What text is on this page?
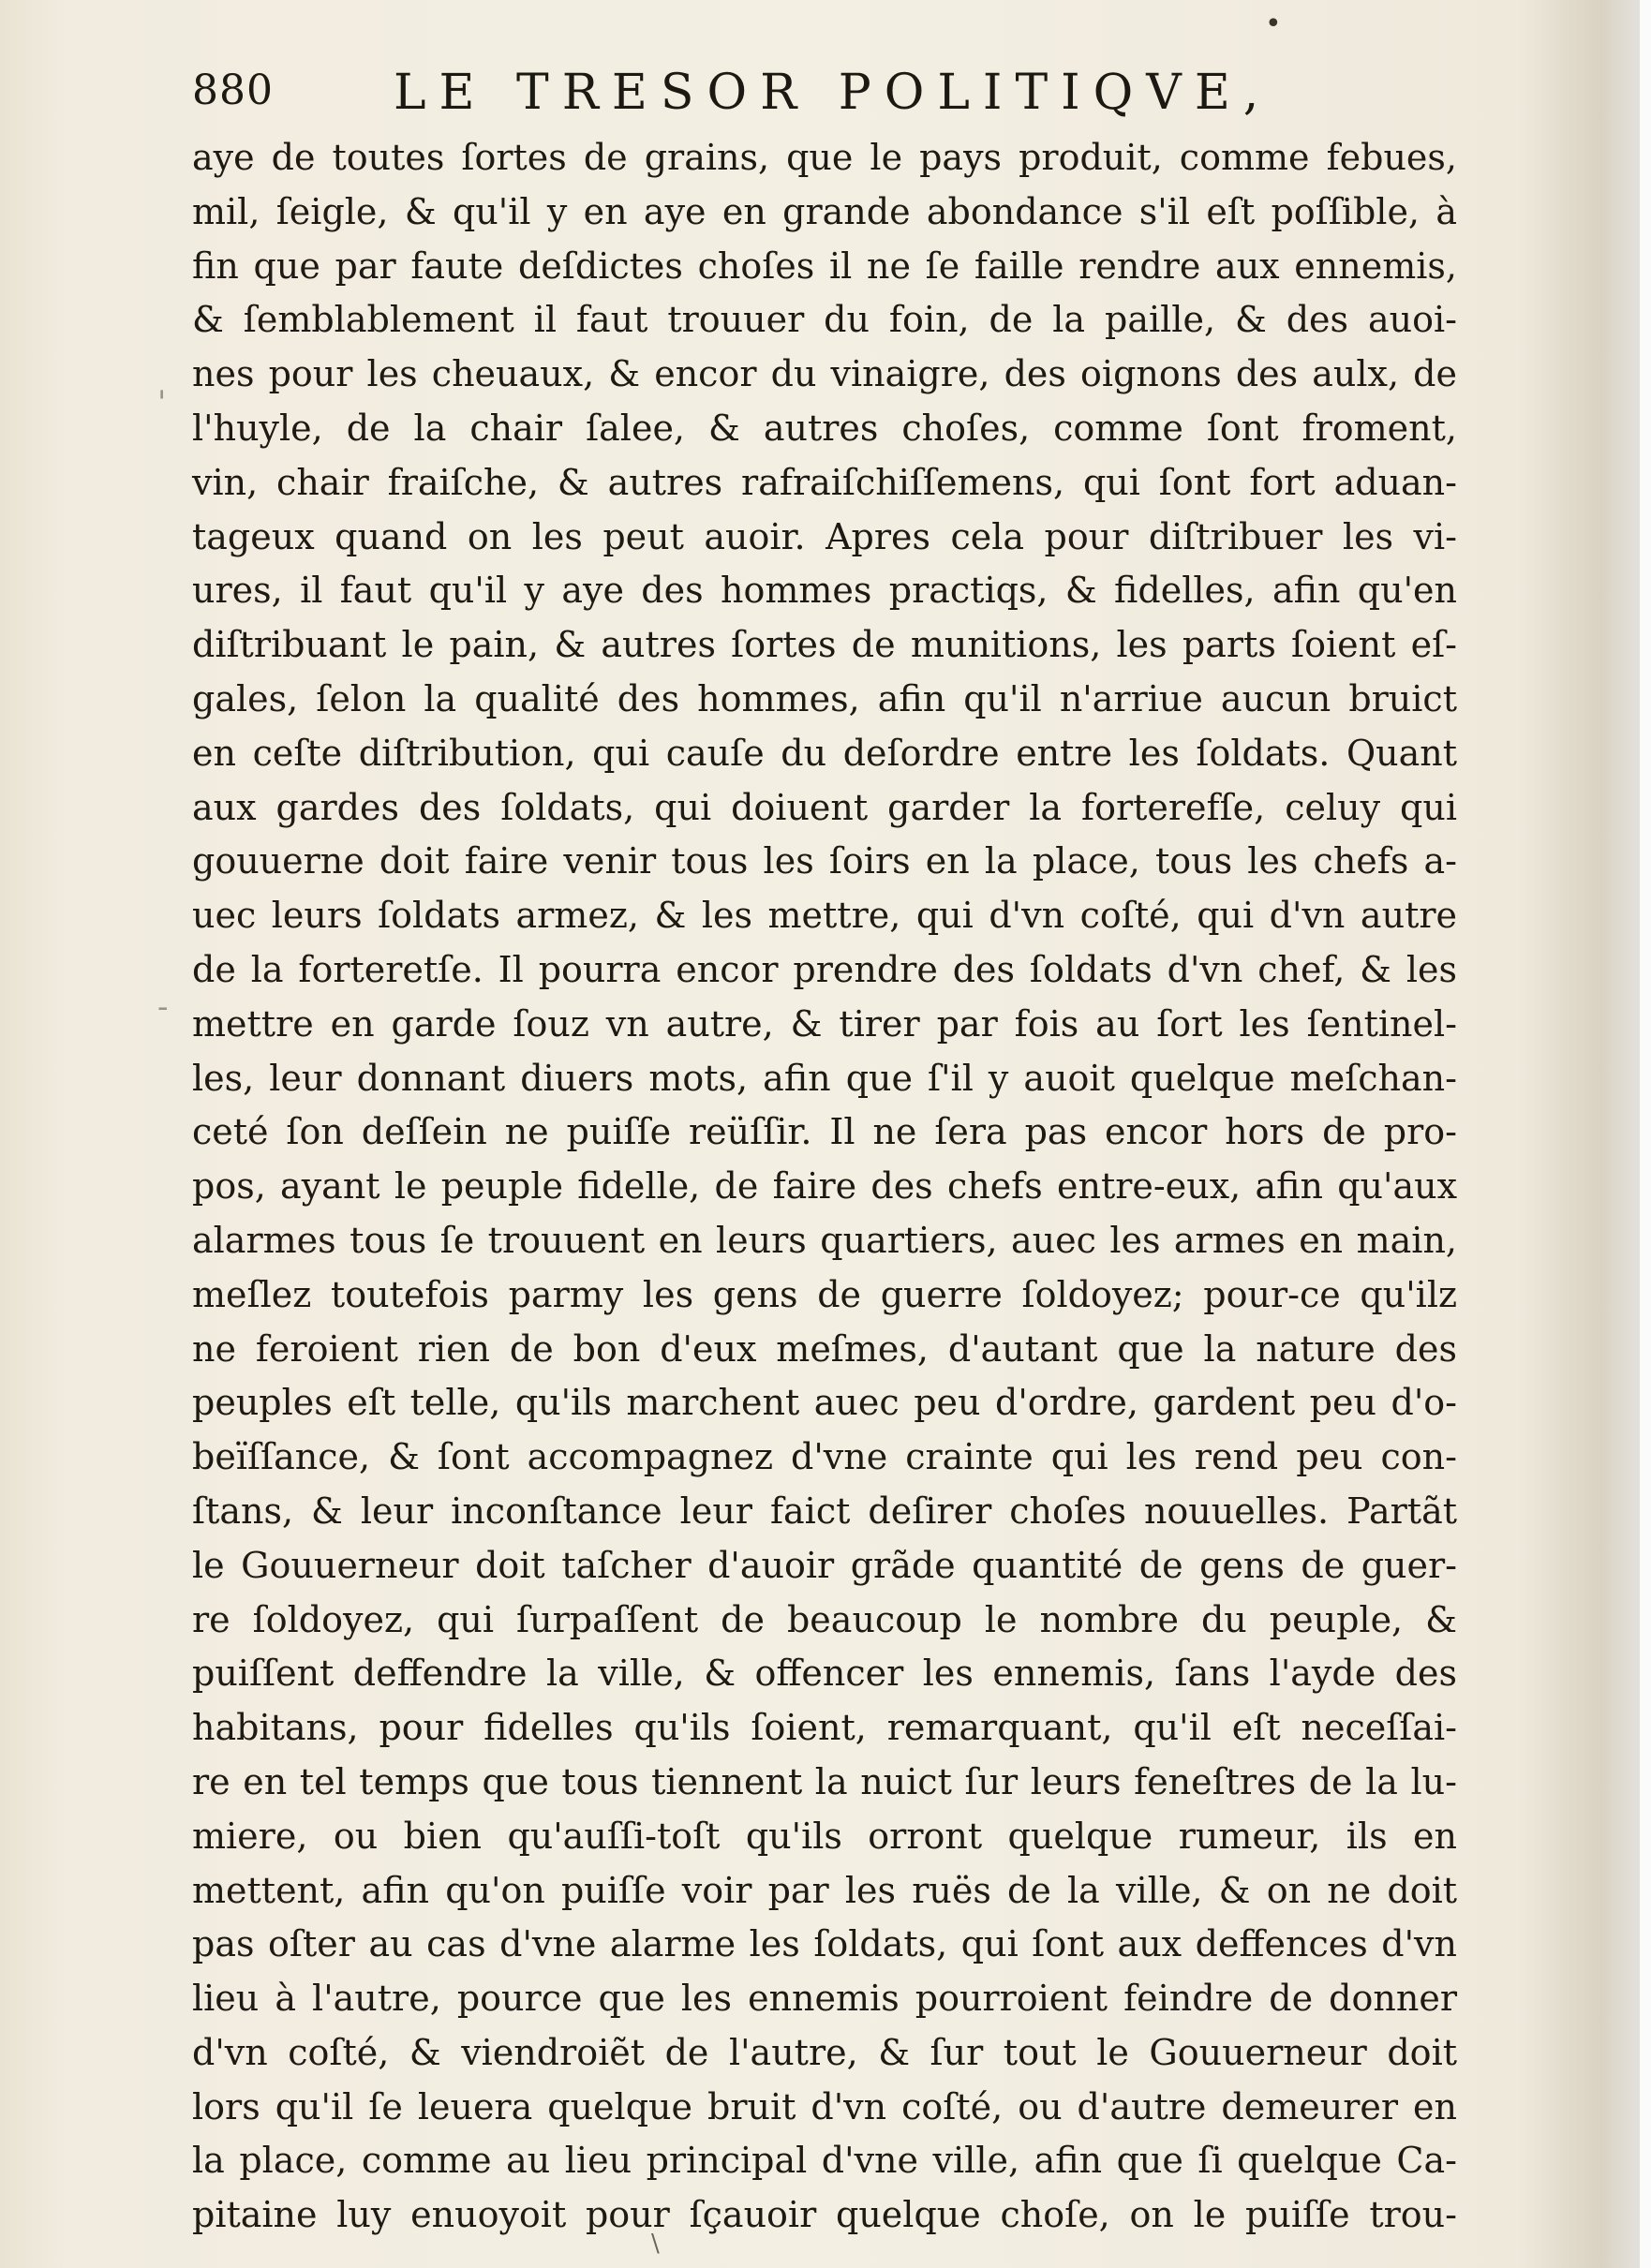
•
880 LE TRESOR POLITIQVE,
'
-
\
aye de toutes ſortes de grains, que le pays produit, comme febues,
mil, ſeigle, & qu'il y en aye en grande abondance s'il eſt poſſible, à
fin que par faute deſdictes choſes il ne ſe faille rendre aux ennemis,
& ſemblablement il faut trouuer du foin, de la paille, & des auoi-
nes pour les cheuaux, & encor du vinaigre, des oignons des aulx, de
l'huyle, de la chair ſalee, & autres choſes, comme ſont froment,
vin, chair fraiſche, & autres rafraiſchiſſemens, qui ſont fort aduan-
tageux quand on les peut auoir. Apres cela pour diſtribuer les vi-
ures, il faut qu'il y aye des hommes practiqs, & fidelles, afin qu'en
diſtribuant le pain, & autres ſortes de munitions, les parts ſoient eſ-
gales, ſelon la qualité des hommes, afin qu'il n'arriue aucun bruict
en ceſte diſtribution, qui cauſe du deſordre entre les ſoldats. Quant
aux gardes des ſoldats, qui doiuent garder la forterefſe, celuy qui
gouuerne doit faire venir tous les ſoirs en la place, tous les chefs a-
uec leurs ſoldats armez, & les mettre, qui d'vn coſté, qui d'vn autre
de la forteretſe. Il pourra encor prendre des ſoldats d'vn chef, & les
mettre en garde ſouz vn autre, & tirer par fois au ſort les ſentinel-
les, leur donnant diuers mots, afin que ſ'il y auoit quelque meſchan-
ceté ſon deſſein ne puiſſe reüſſir. Il ne ſera pas encor hors de pro-
pos, ayant le peuple fidelle, de faire des chefs entre-eux, afin qu'aux
alarmes tous ſe trouuent en leurs quartiers, auec les armes en main,
meſlez toutefois parmy les gens de guerre ſoldoyez; pour-ce qu'ilz
ne feroient rien de bon d'eux meſmes, d'autant que la nature des
peuples eſt telle, qu'ils marchent auec peu d'ordre, gardent peu d'o-
beïſſance, & ſont accompagnez d'vne crainte qui les rend peu con-
ſtans, & leur inconſtance leur faict deſirer choſes nouuelles. Partãt
le Gouuerneur doit taſcher d'auoir grãde quantité de gens de guer-
re ſoldoyez, qui ſurpaſſent de beaucoup le nombre du peuple, &
puiſſent deffendre la ville, & offencer les ennemis, ſans l'ayde des
habitans, pour fidelles qu'ils ſoient, remarquant, qu'il eſt neceſſai-
re en tel temps que tous tiennent la nuict ſur leurs feneſtres de la lu-
miere, ou bien qu'auſſi-toſt qu'ils orront quelque rumeur, ils en
mettent, afin qu'on puiſſe voir par les ruës de la ville, & on ne doit
pas oſter au cas d'vne alarme les ſoldats, qui ſont aux deffences d'vn
lieu à l'autre, pource que les ennemis pourroient feindre de donner
d'vn coſté, & viendroiẽt de l'autre, & ſur tout le Gouuerneur doit
lors qu'il ſe leuera quelque bruit d'vn coſté, ou d'autre demeurer en
la place, comme au lieu principal d'vne ville, afin que ſi quelque Ca-
pitaine luy enuoyoit pour ſçauoir quelque choſe, on le puiſſe trou-
